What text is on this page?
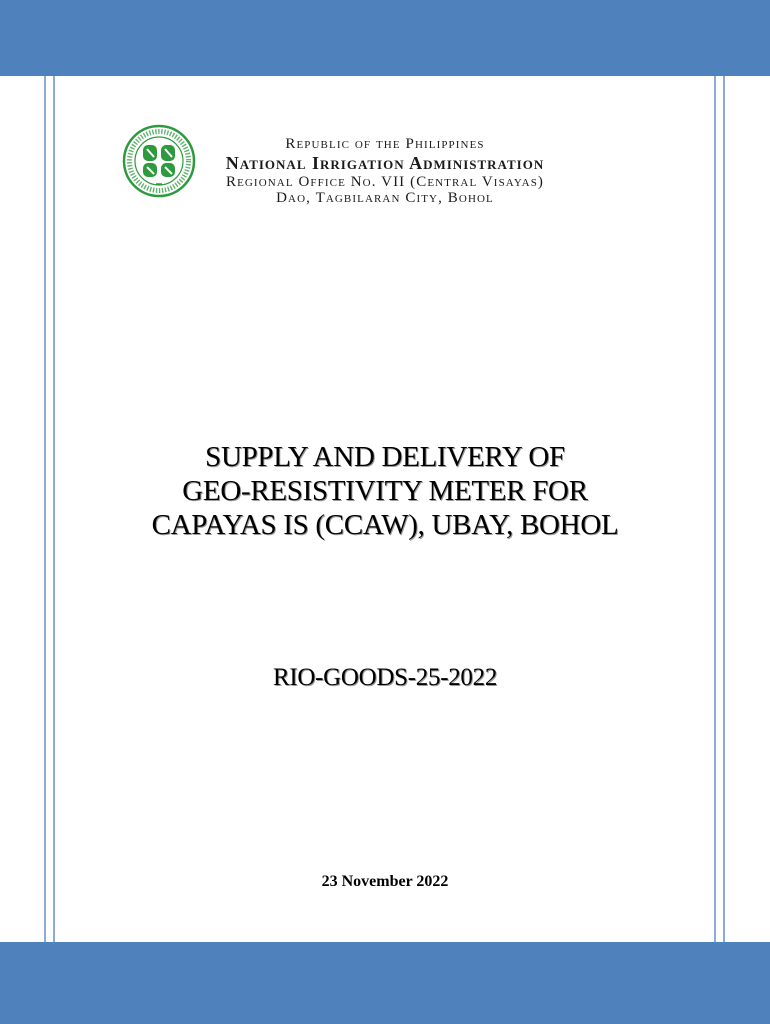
Republic of the Philippines
National Irrigation Administration
Regional Office No. VII (Central Visayas)
Dao, Tagbilaran City, Bohol
SUPPLY AND DELIVERY OF
GEO-RESISTIVITY METER FOR
CAPAYAS IS (CCAW), UBAY, BOHOL
RIO-GOODS-25-2022
23 November 2022
